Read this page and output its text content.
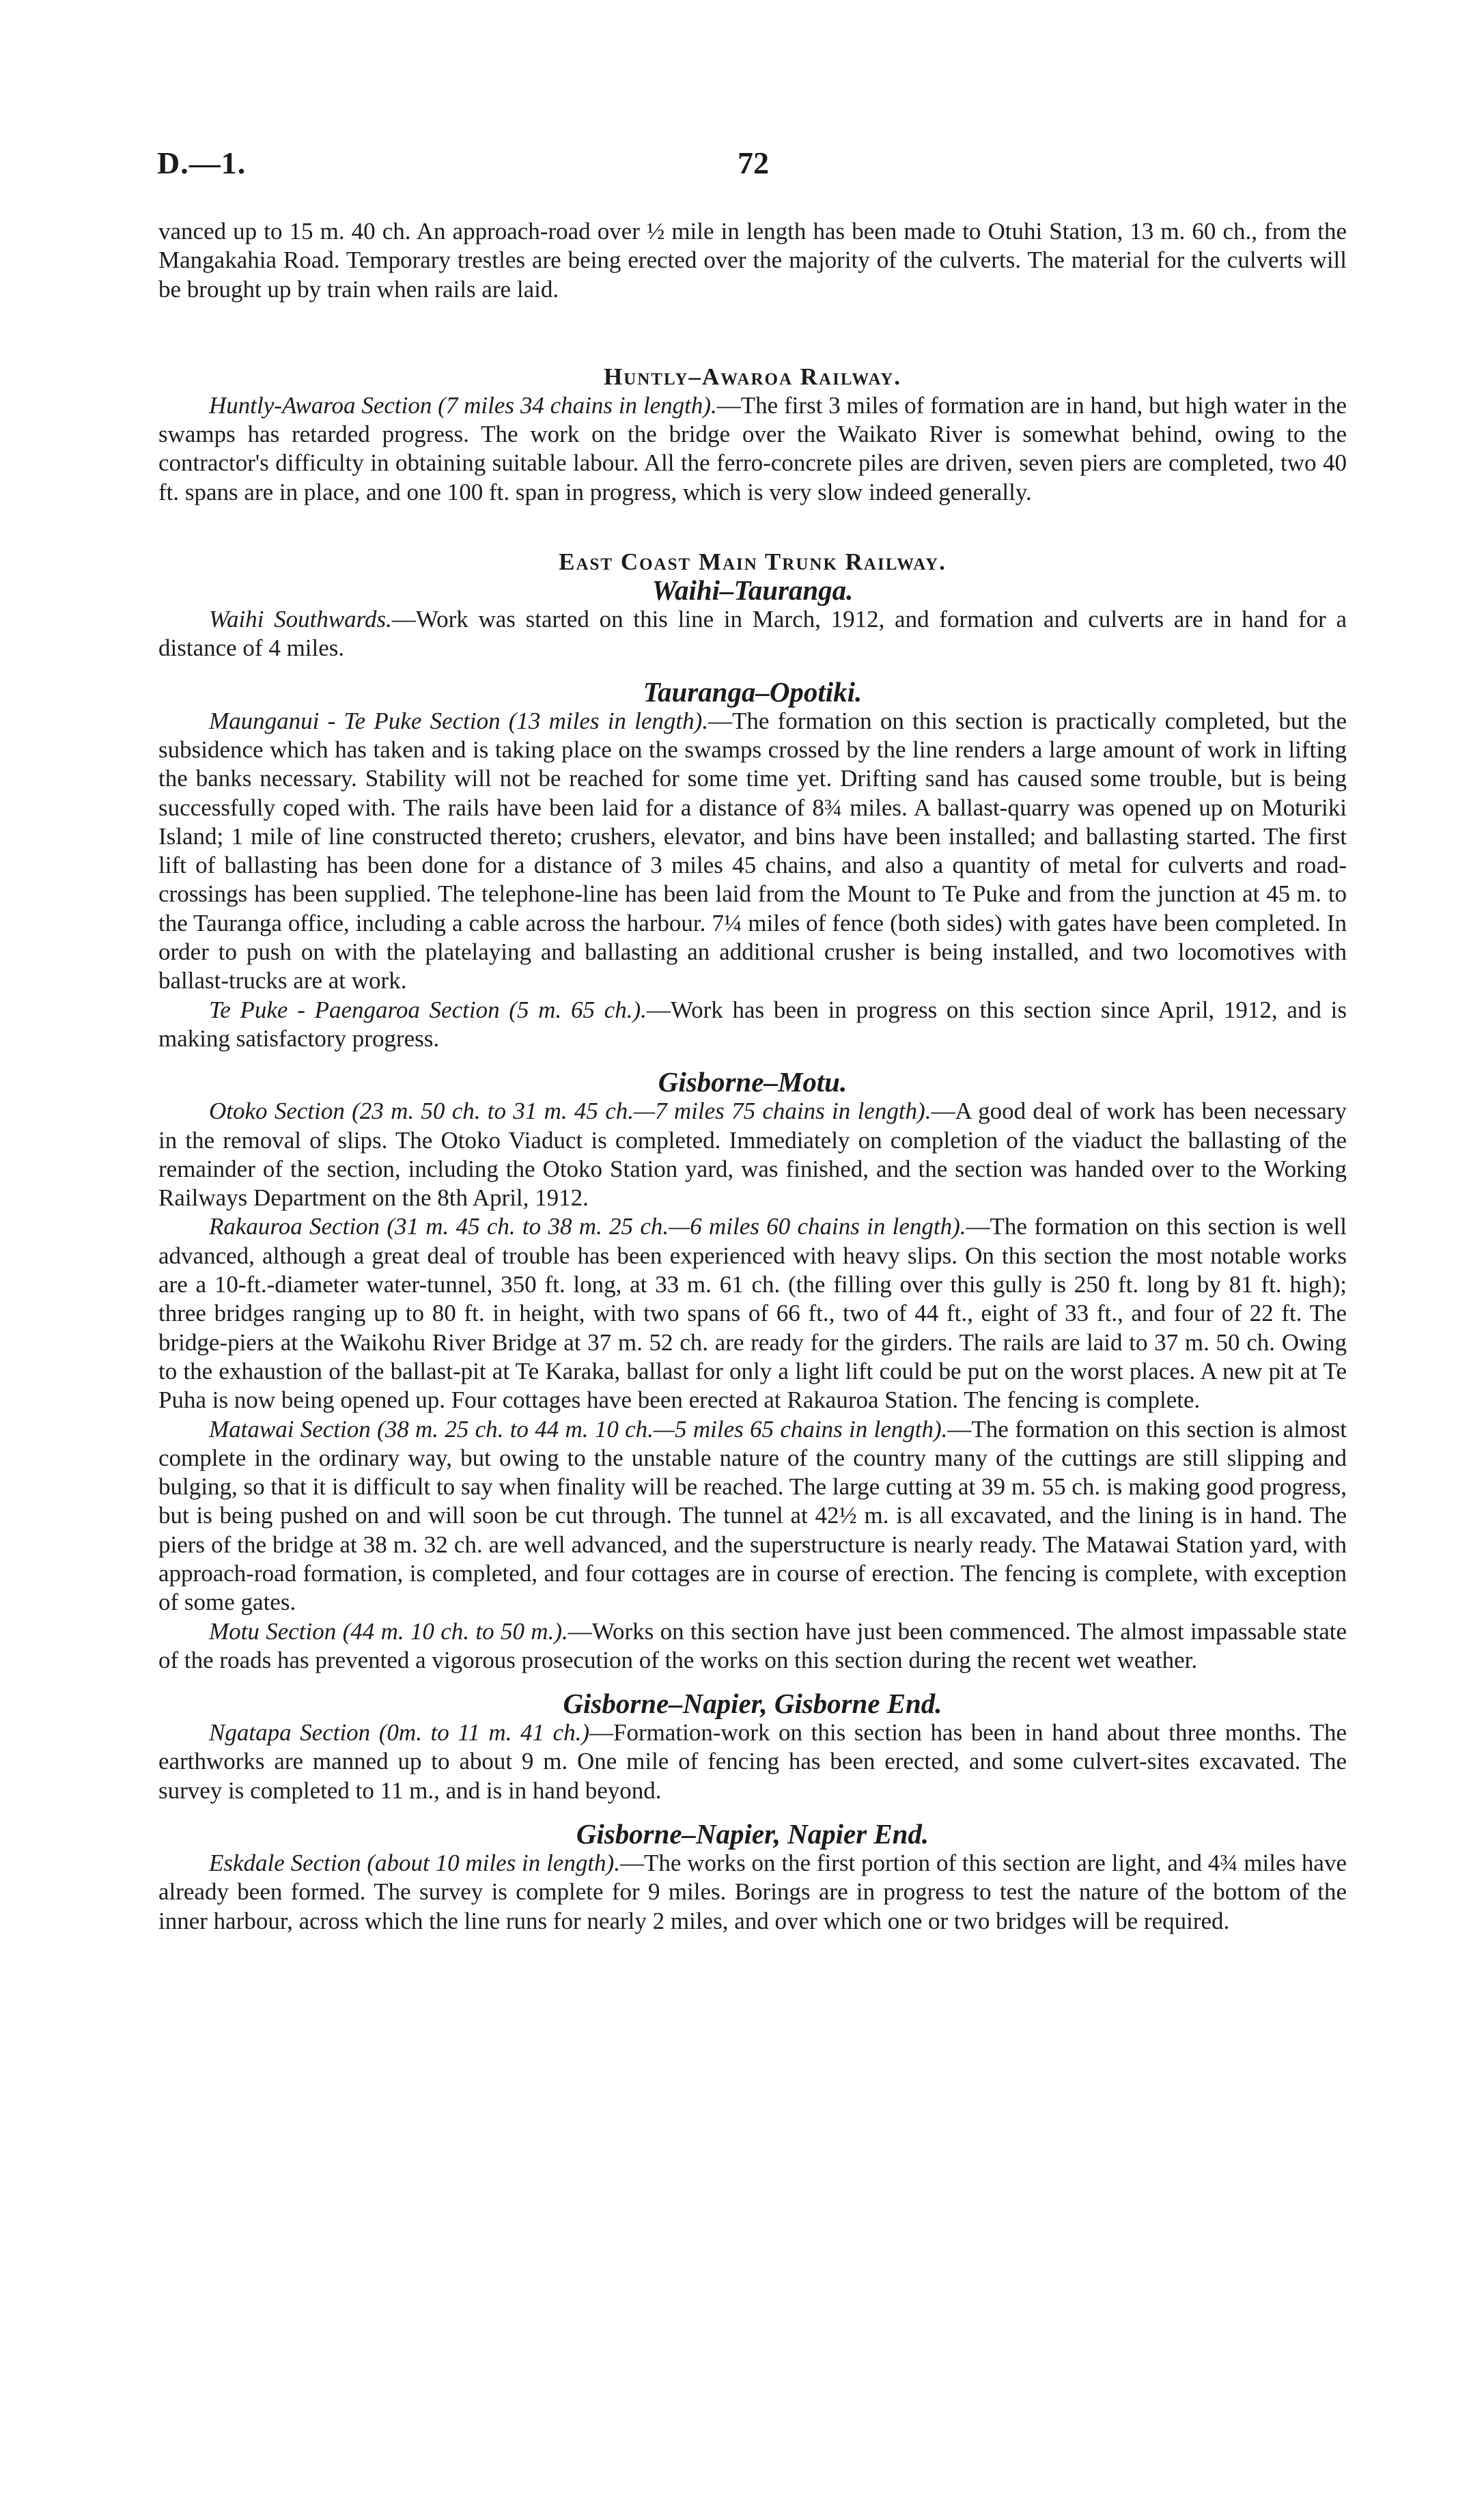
D.—1.	72

vanced up to 15 m. 40 ch. An approach-road over ½ mile in length has been made to Otuhi Station, 13 m. 60 ch., from the Mangakahia Road. Temporary trestles are being erected over the majority of the culverts. The material for the culverts will be brought up by train when rails are laid.

Huntly–Awaroa Railway.

Huntly-Awaroa Section (7 miles 34 chains in length).—The first 3 miles of formation are in hand, but high water in the swamps has retarded progress. The work on the bridge over the Waikato River is somewhat behind, owing to the contractor's difficulty in obtaining suitable labour. All the ferro-concrete piles are driven, seven piers are completed, two 40 ft. spans are in place, and one 100 ft. span in progress, which is very slow indeed generally.

East Coast Main Trunk Railway.
Waihi–Tauranga.

Waihi Southwards.—Work was started on this line in March, 1912, and formation and culverts are in hand for a distance of 4 miles.

Tauranga–Opotiki.

Maunganui - Te Puke Section (13 miles in length).—The formation on this section is practically completed, but the subsidence which has taken and is taking place on the swamps crossed by the line renders a large amount of work in lifting the banks necessary. Stability will not be reached for some time yet. Drifting sand has caused some trouble, but is being successfully coped with. The rails have been laid for a distance of 8¾ miles. A ballast-quarry was opened up on Moturiki Island; 1 mile of line constructed thereto; crushers, elevator, and bins have been installed; and ballasting started. The first lift of ballasting has been done for a distance of 3 miles 45 chains, and also a quantity of metal for culverts and road-crossings has been supplied. The telephone-line has been laid from the Mount to Te Puke and from the junction at 45 m. to the Tauranga office, including a cable across the harbour. 7¼ miles of fence (both sides) with gates have been completed. In order to push on with the platelaying and ballasting an additional crusher is being installed, and two locomotives with ballast-trucks are at work.

Te Puke - Paengaroa Section (5 m. 65 ch.).—Work has been in progress on this section since April, 1912, and is making satisfactory progress.

Gisborne–Motu.

Otoko Section (23 m. 50 ch. to 31 m. 45 ch.—7 miles 75 chains in length).—A good deal of work has been necessary in the removal of slips. The Otoko Viaduct is completed. Immediately on completion of the viaduct the ballasting of the remainder of the section, including the Otoko Station yard, was finished, and the section was handed over to the Working Railways Department on the 8th April, 1912.

Rakauroa Section (31 m. 45 ch. to 38 m. 25 ch.—6 miles 60 chains in length).—The formation on this section is well advanced, although a great deal of trouble has been experienced with heavy slips. On this section the most notable works are a 10-ft.-diameter water-tunnel, 350 ft. long, at 33 m. 61 ch. (the filling over this gully is 250 ft. long by 81 ft. high); three bridges ranging up to 80 ft. in height, with two spans of 66 ft., two of 44 ft., eight of 33 ft., and four of 22 ft. The bridge-piers at the Waikohu River Bridge at 37 m. 52 ch. are ready for the girders. The rails are laid to 37 m. 50 ch. Owing to the exhaustion of the ballast-pit at Te Karaka, ballast for only a light lift could be put on the worst places. A new pit at Te Puha is now being opened up. Four cottages have been erected at Rakauroa Station. The fencing is complete.

Matawai Section (38 m. 25 ch. to 44 m. 10 ch.—5 miles 65 chains in length).—The formation on this section is almost complete in the ordinary way, but owing to the unstable nature of the country many of the cuttings are still slipping and bulging, so that it is difficult to say when finality will be reached. The large cutting at 39 m. 55 ch. is making good progress, but is being pushed on and will soon be cut through. The tunnel at 42½ m. is all excavated, and the lining is in hand. The piers of the bridge at 38 m. 32 ch. are well advanced, and the superstructure is nearly ready. The Matawai Station yard, with approach-road formation, is completed, and four cottages are in course of erection. The fencing is complete, with exception of some gates.

Motu Section (44 m. 10 ch. to 50 m.).—Works on this section have just been commenced. The almost impassable state of the roads has prevented a vigorous prosecution of the works on this section during the recent wet weather.

Gisborne–Napier, Gisborne End.

Ngatapa Section (0m. to 11 m. 41 ch.)—Formation-work on this section has been in hand about three months. The earthworks are manned up to about 9 m. One mile of fencing has been erected, and some culvert-sites excavated. The survey is completed to 11 m., and is in hand beyond.

Gisborne–Napier, Napier End.

Eskdale Section (about 10 miles in length).—The works on the first portion of this section are light, and 4¾ miles have already been formed. The survey is complete for 9 miles. Borings are in progress to test the nature of the bottom of the inner harbour, across which the line runs for nearly 2 miles, and over which one or two bridges will be required.
